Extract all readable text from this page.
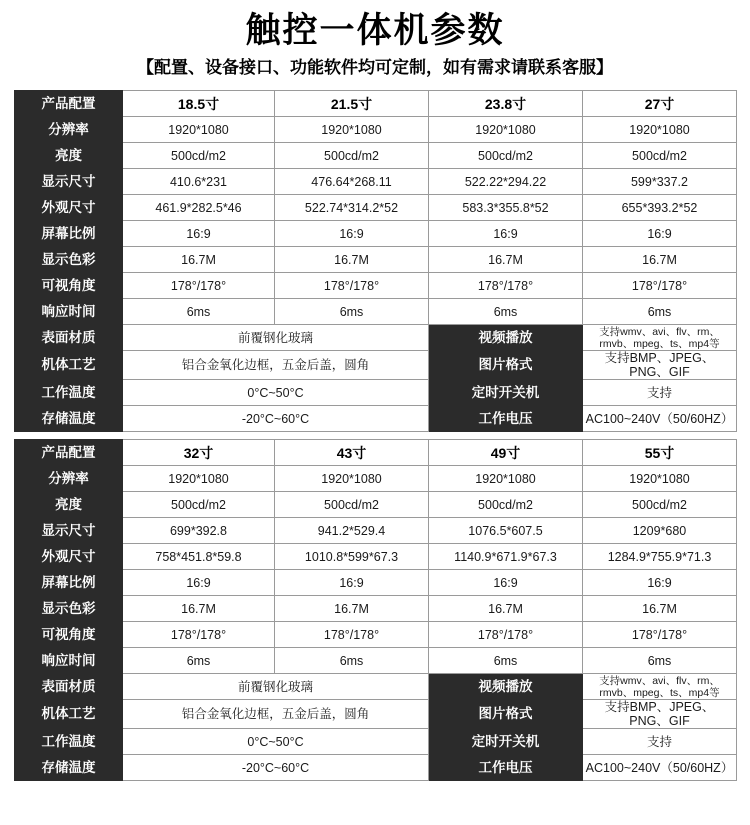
触控一体机参数
【配置、设备接口、功能软件均可定制，如有需求请联系客服】
产品配置	18.5寸	21.5寸	23.8寸	27寸
分辨率	1920*1080	1920*1080	1920*1080	1920*1080
亮度	500cd/m2	500cd/m2	500cd/m2	500cd/m2
显示尺寸	410.6*231	476.64*268.11	522.22*294.22	599*337.2
外观尺寸	461.9*282.5*46	522.74*314.2*52	583.3*355.8*52	655*393.2*52
屏幕比例	16:9	16:9	16:9	16:9
显示色彩	16.7M	16.7M	16.7M	16.7M
可视角度	178°/178°	178°/178°	178°/178°	178°/178°
响应时间	6ms	6ms	6ms	6ms
表面材质	前覆钢化玻璃		视频播放	支持wmv、avi、flv、rm、rmvb、mpeg、ts、mp4等
机体工艺	铝合金氧化边框，五金后盖，圆角		图片格式	支持BMP、JPEG、PNG、GIF
工作温度	0°C~50°C		定时开关机	支持
存储温度	-20°C~60°C		工作电压	AC100~240V（50/60HZ）
产品配置	32寸	43寸	49寸	55寸
分辨率	1920*1080	1920*1080	1920*1080	1920*1080
亮度	500cd/m2	500cd/m2	500cd/m2	500cd/m2
显示尺寸	699*392.8	941.2*529.4	1076.5*607.5	1209*680
外观尺寸	758*451.8*59.8	1010.8*599*67.3	1140.9*671.9*67.3	1284.9*755.9*71.3
屏幕比例	16:9	16:9	16:9	16:9
显示色彩	16.7M	16.7M	16.7M	16.7M
可视角度	178°/178°	178°/178°	178°/178°	178°/178°
响应时间	6ms	6ms	6ms	6ms
表面材质	前覆钢化玻璃		视频播放	支持wmv、avi、flv、rm、rmvb、mpeg、ts、mp4等
机体工艺	铝合金氧化边框，五金后盖，圆角		图片格式	支持BMP、JPEG、PNG、GIF
工作温度	0°C~50°C		定时开关机	支持
存储温度	-20°C~60°C		工作电压	AC100~240V（50/60HZ）
